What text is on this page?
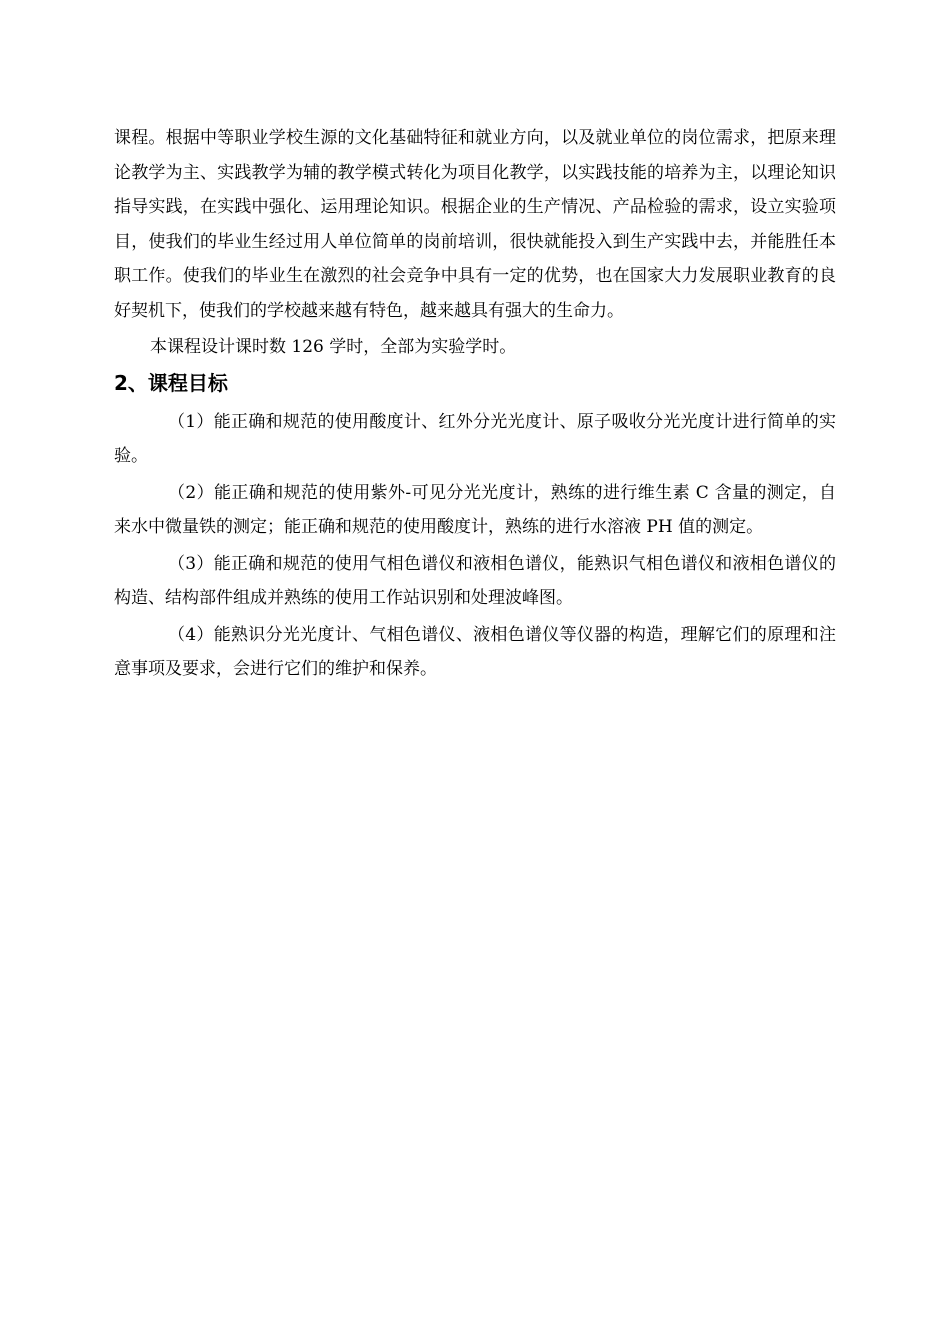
课程。根据中等职业学校生源的文化基础特征和就业方向，以及就业单位的岗位需求，把原来理论教学为主、实践教学为辅的教学模式转化为项目化教学，以实践技能的培养为主，以理论知识指导实践，在实践中强化、运用理论知识。根据企业的生产情况、产品检验的需求，设立实验项目，使我们的毕业生经过用人单位简单的岗前培训，很快就能投入到生产实践中去，并能胜任本职工作。使我们的毕业生在激烈的社会竞争中具有一定的优势，也在国家大力发展职业教育的良好契机下，使我们的学校越来越有特色，越来越具有强大的生命力。

本课程设计课时数 126 学时，全部为实验学时。

2、课程目标

（1）能正确和规范的使用酸度计、红外分光光度计、原子吸收分光光度计进行简单的实验。

（2）能正确和规范的使用紫外-可见分光光度计，熟练的进行维生素 C 含量的测定，自来水中微量铁的测定；能正确和规范的使用酸度计，熟练的进行水溶液 PH 值的测定。

（3）能正确和规范的使用气相色谱仪和液相色谱仪，能熟识气相色谱仪和液相色谱仪的构造、结构部件组成并熟练的使用工作站识别和处理波峰图。

（4）能熟识分光光度计、气相色谱仪、液相色谱仪等仪器的构造，理解它们的原理和注意事项及要求，会进行它们的维护和保养。
